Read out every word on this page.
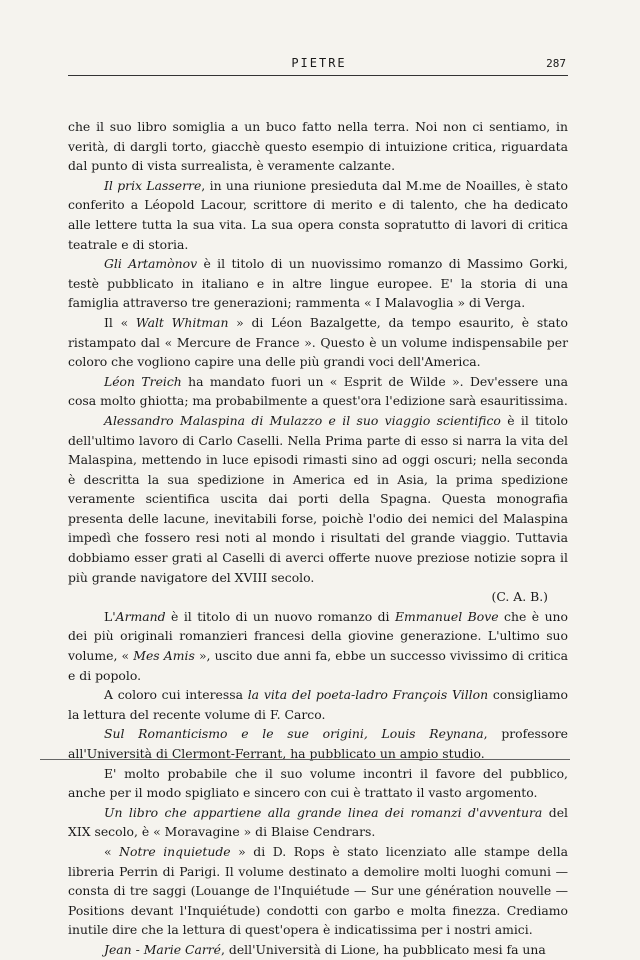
PIETRE	287

che il suo libro somiglia a un buco fatto nella terra. Noi non ci sentiamo, in verità, di dargli torto, giacchè questo esempio di intuizione critica, riguardata dal punto di vista surrealista, è veramente calzante.

Il prix Lasserre, in una riunione presieduta dal M.me de Noailles, è stato conferito a Léopold Lacour, scrittore di merito e di talento, che ha dedicato alle lettere tutta la sua vita. La sua opera consta sopratutto di lavori di critica teatrale e di storia.

Gli Artamònov è il titolo di un nuovissimo romanzo di Massimo Gorki, testè pubblicato in italiano e in altre lingue europee. E' la storia di una famiglia attraverso tre generazioni; rammenta « I Malavoglia » di Verga.

Il « Walt Whitman » di Léon Bazalgette, da tempo esaurito, è stato ristampato dal « Mercure de France ». Questo è un volume indispensabile per coloro che vogliono capire una delle più grandi voci dell'America.

Léon Treich ha mandato fuori un « Esprit de Wilde ». Dev'essere una cosa molto ghiotta; ma probabilmente a quest'ora l'edizione sarà esauritissima.

Alessandro Malaspina di Mulazzo e il suo viaggio scientifico è il titolo dell'ultimo lavoro di Carlo Caselli. Nella Prima parte di esso si narra la vita del Malaspina, mettendo in luce episodi rimasti sino ad oggi oscuri; nella seconda è descritta la sua spedizione in America ed in Asia, la prima spedizione veramente scientifica uscita dai porti della Spagna. Questa monografia presenta delle lacune, inevitabili forse, poichè l'odio dei nemici del Malaspina impedì che fossero resi noti al mondo i risultati del grande viaggio. Tuttavia dobbiamo esser grati al Caselli di averci offerte nuove preziose notizie sopra il più grande navigatore del XVIII secolo.

(C. A. B.)

L'Armand è il titolo di un nuovo romanzo di Emmanuel Bove che è uno dei più originali romanzieri francesi della giovine generazione. L'ultimo suo volume, « Mes Amis », uscito due anni fa, ebbe un successo vivissimo di critica e di popolo.

A coloro cui interessa la vita del poeta-ladro François Villon consigliamo la lettura del recente volume di F. Carco.

Sul Romanticismo e le sue origini, Louis Reynana, professore all'Università di Clermont-Ferrant, ha pubblicato un ampio studio.

E' molto probabile che il suo volume incontri il favore del pubblico, anche per il modo spigliato e sincero con cui è trattato il vasto argomento.

Un libro che appartiene alla grande linea dei romanzi d'avventura del XIX secolo, è « Moravagine » di Blaise Cendrars.

« Notre inquietude » di D. Rops è stato licenziato alle stampe della libreria Perrin di Parigi. Il volume destinato a demolire molti luoghi comuni — consta di tre saggi (Louange de l'Inquiétude — Sur une génération nouvelle — Positions devant l'Inquiétude) condotti con garbo e molta finezza. Crediamo inutile dire che la lettura di quest'opera è indicatissima per i nostri amici.

Jean - Marie Carré, dell'Università di Lione, ha pubblicato mesi fa una
